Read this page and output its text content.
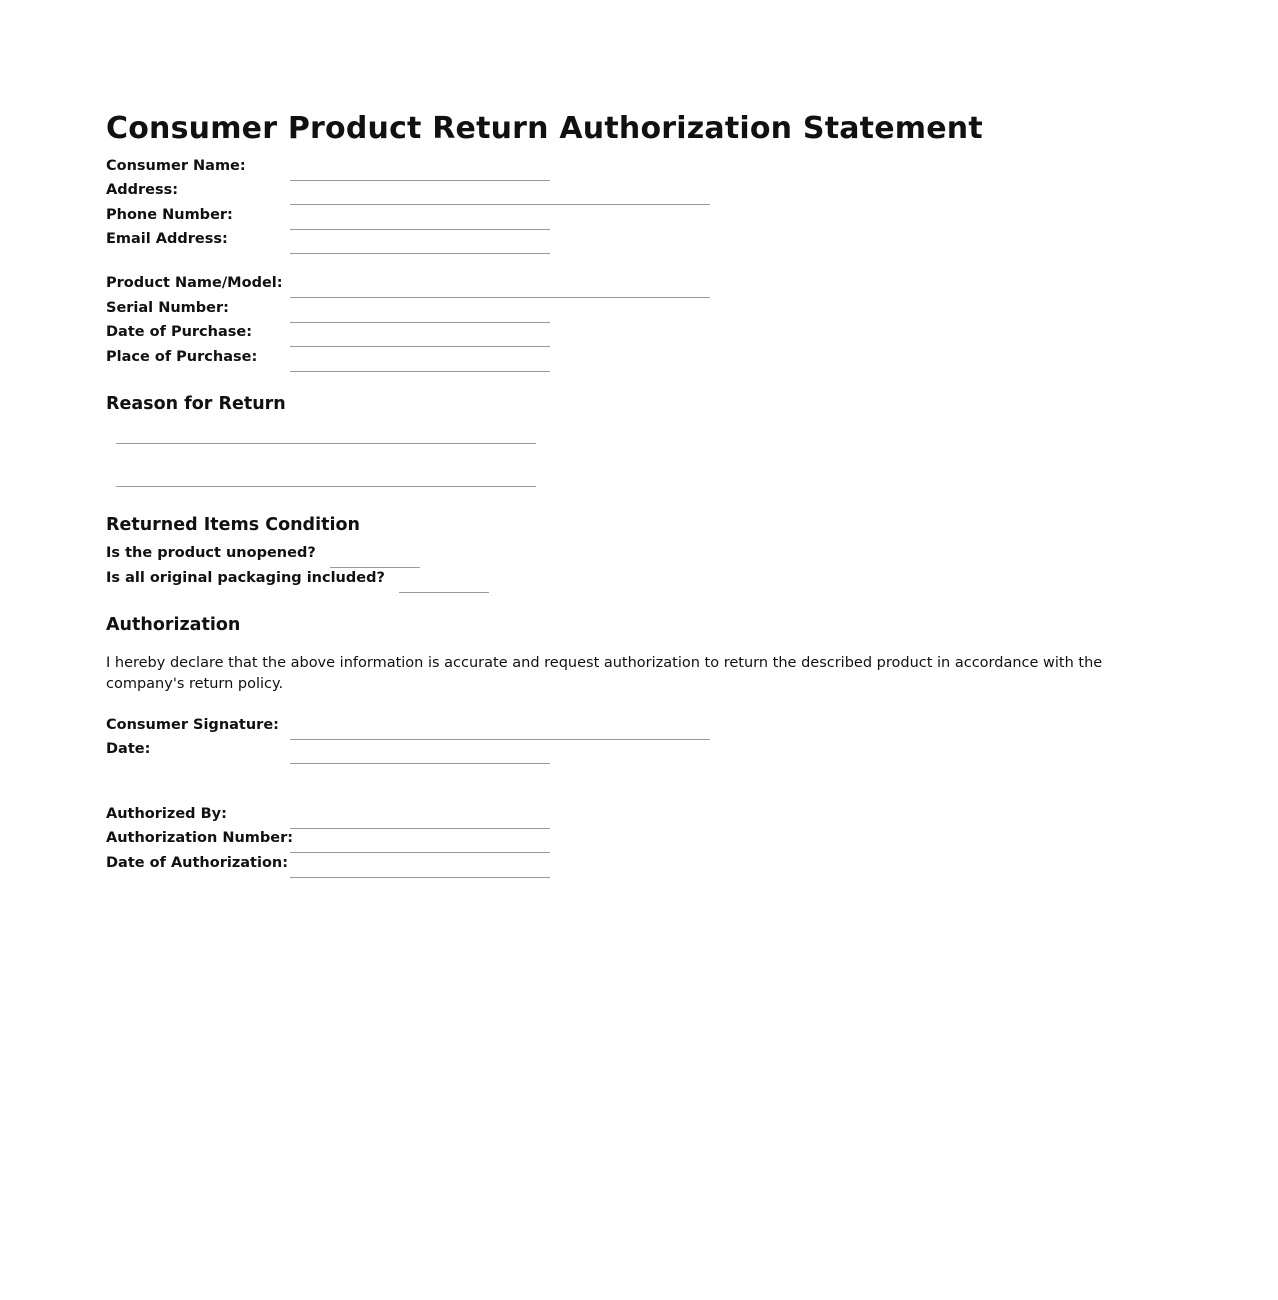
Consumer Product Return Authorization Statement
Consumer Name:
Address:
Phone Number:
Email Address:
Product Name/Model:
Serial Number:
Date of Purchase:
Place of Purchase:
Reason for Return
Returned Items Condition
Is the product unopened?
Is all original packaging included?
Authorization

I hereby declare that the above information is accurate and request authorization to return the described product in accordance with the company's return policy.

Consumer Signature:
Date:
Authorized By:
Authorization Number:
Date of Authorization:
